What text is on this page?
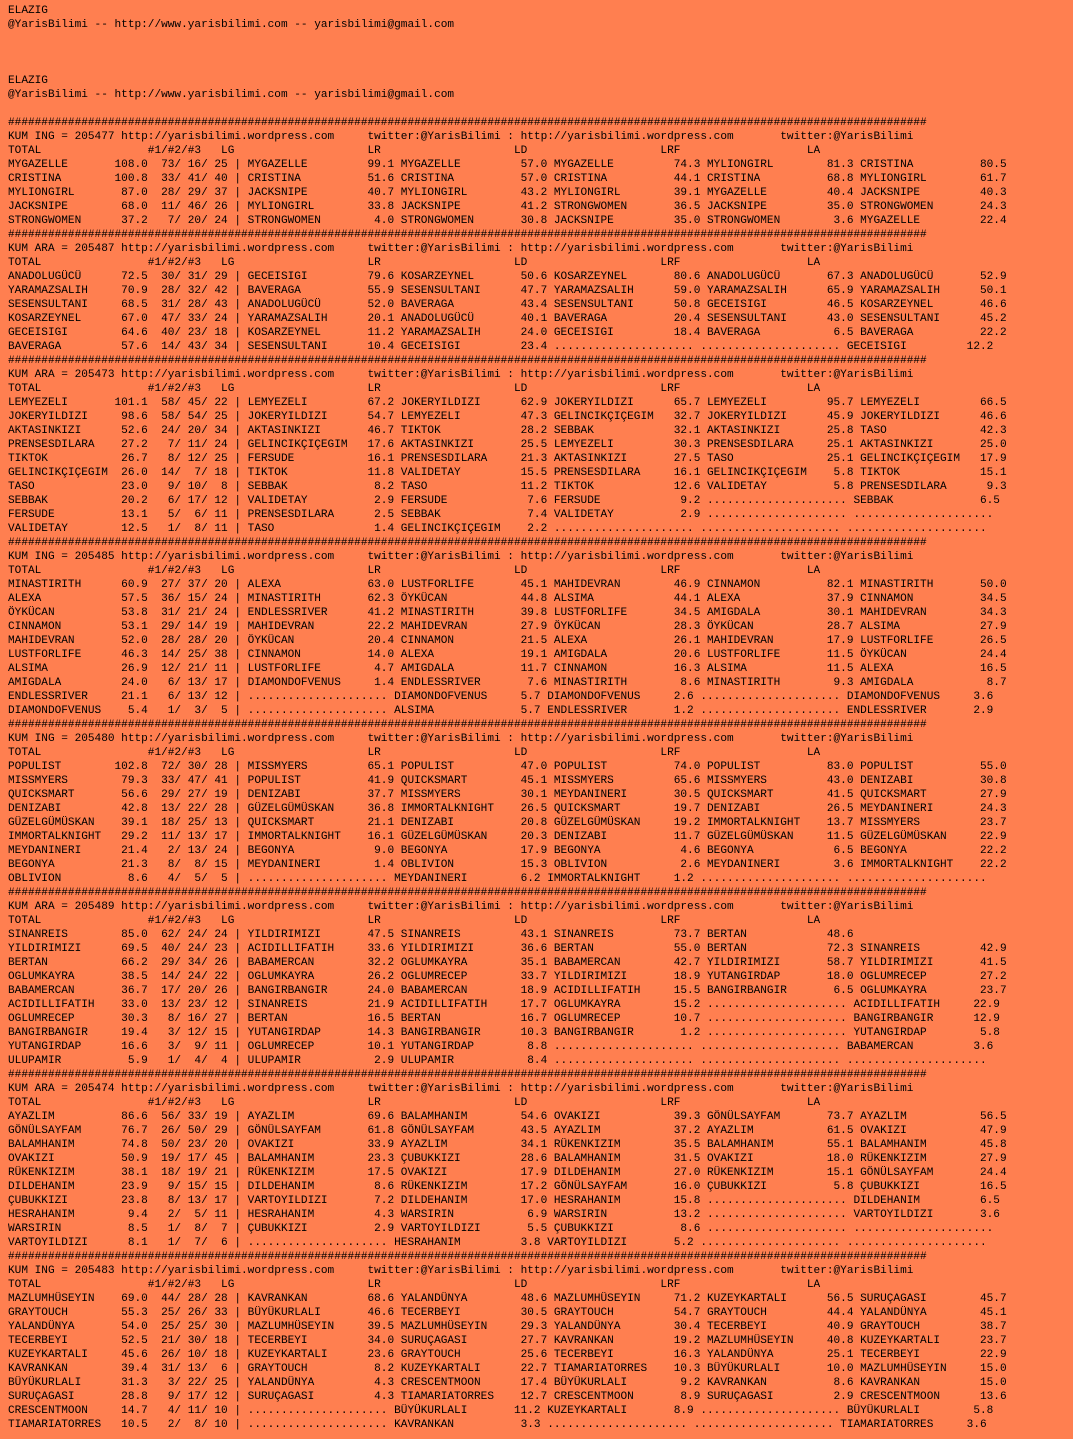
ELAZIG
@YarisBilimi -- http://www.yarisbilimi.com -- yarisbilimi@gmail.com
ELAZIG
@YarisBilimi -- http://www.yarisbilimi.com -- yarisbilimi@gmail.com
##########################################################################################################################################
KUM ING = 205477 http://yarisbilimi.wordpress.com     twitter:@YarisBilimi : http://yarisbilimi.wordpress.com       twitter:@YarisBilimi
TOTAL                #1/#2/#3   LG                    LR                    LD                    LRF                   LA
MYGAZELLE       108.0  73/ 16/ 25 | MYGAZELLE         99.1 MYGAZELLE         57.0 MYGAZELLE         74.3 MYLIONGIRL        81.3 CRISTINA          80.5
CRISTINA        100.8  33/ 41/ 40 | CRISTINA          51.6 CRISTINA          57.0 CRISTINA          44.1 CRISTINA          68.8 MYLIONGIRL        61.7
MYLIONGIRL       87.0  28/ 29/ 37 | JACKSNIPE         40.7 MYLIONGIRL        43.2 MYLIONGIRL        39.1 MYGAZELLE         40.4 JACKSNIPE         40.3
JACKSNIPE        68.0  11/ 46/ 26 | MYLIONGIRL        33.8 JACKSNIPE         41.2 STRONGWOMEN       36.5 JACKSNIPE         35.0 STRONGWOMEN       24.3
STRONGWOMEN      37.2   7/ 20/ 24 | STRONGWOMEN        4.0 STRONGWOMEN       30.8 JACKSNIPE         35.0 STRONGWOMEN        3.6 MYGAZELLE         22.4
##########################################################################################################################################
KUM ARA = 205487 http://yarisbilimi.wordpress.com     twitter:@YarisBilimi : http://yarisbilimi.wordpress.com       twitter:@YarisBilimi
TOTAL                #1/#2/#3   LG                    LR                    LD                    LRF                   LA
ANADOLUGÜCÜ      72.5  30/ 31/ 29 | GECEISIGI         79.6 KOSARZEYNEL       50.6 KOSARZEYNEL       80.6 ANADOLUGÜCÜ       67.3 ANADOLUGÜCÜ       52.9
YARAMAZSALIH     70.9  28/ 32/ 42 | BAVERAGA          55.9 SESENSULTANI      47.7 YARAMAZSALIH      59.0 YARAMAZSALIH      65.9 YARAMAZSALIH      50.1
SESENSULTANI     68.5  31/ 28/ 43 | ANADOLUGÜCÜ       52.0 BAVERAGA          43.4 SESENSULTANI      50.8 GECEISIGI         46.5 KOSARZEYNEL       46.6
KOSARZEYNEL      67.0  47/ 33/ 24 | YARAMAZSALIH      20.1 ANADOLUGÜCÜ       40.1 BAVERAGA          20.4 SESENSULTANI      43.0 SESENSULTANI      45.2
GECEISIGI        64.6  40/ 23/ 18 | KOSARZEYNEL       11.2 YARAMAZSALIH      24.0 GECEISIGI         18.4 BAVERAGA           6.5 BAVERAGA          22.2
BAVERAGA         57.6  14/ 43/ 34 | SESENSULTANI      10.4 GECEISIGI         23.4 ..................... ..................... GECEISIGI         12.2
##########################################################################################################################################
KUM ARA = 205473 http://yarisbilimi.wordpress.com     twitter:@YarisBilimi : http://yarisbilimi.wordpress.com       twitter:@YarisBilimi
TOTAL                #1/#2/#3   LG                    LR                    LD                    LRF                   LA
LEMYEZELI       101.1  58/ 45/ 22 | LEMYEZELI         67.2 JOKERYILDIZI      62.9 JOKERYILDIZI      65.7 LEMYEZELI         95.7 LEMYEZELI         66.5
JOKERYILDIZI     98.6  58/ 54/ 25 | JOKERYILDIZI      54.7 LEMYEZELI         47.3 GELINCIKÇIÇEGIM   32.7 JOKERYILDIZI      45.9 JOKERYILDIZI      46.6
AKTASINKIZI      52.6  24/ 20/ 34 | AKTASINKIZI       46.7 TIKTOK            28.2 SEBBAK            32.1 AKTASINKIZI       25.8 TASO              42.3
PRENSESDILARA    27.2   7/ 11/ 24 | GELINCIKÇIÇEGIM   17.6 AKTASINKIZI       25.5 LEMYEZELI         30.3 PRENSESDILARA     25.1 AKTASINKIZI       25.0
TIKTOK           26.7   8/ 12/ 25 | FERSUDE           16.1 PRENSESDILARA     21.3 AKTASINKIZI       27.5 TASO              25.1 GELINCIKÇIÇEGIM   17.9
GELINCIKÇIÇEGIM  26.0  14/  7/ 18 | TIKTOK            11.8 VALIDETAY         15.5 PRENSESDILARA     16.1 GELINCIKÇIÇEGIM    5.8 TIKTOK            15.1
TASO             23.0   9/ 10/  8 | SEBBAK             8.2 TASO              11.2 TIKTOK            12.6 VALIDETAY          5.8 PRENSESDILARA      9.3
SEBBAK           20.2   6/ 17/ 12 | VALIDETAY          2.9 FERSUDE            7.6 FERSUDE            9.2 ..................... SEBBAK             6.5
FERSUDE          13.1   5/  6/ 11 | PRENSESDILARA      2.5 SEBBAK             7.4 VALIDETAY          2.9 ..................... .....................
VALIDETAY        12.5   1/  8/ 11 | TASO               1.4 GELINCIKÇIÇEGIM    2.2 ..................... ..................... .....................
##########################################################################################################################################
KUM ING = 205485 http://yarisbilimi.wordpress.com     twitter:@YarisBilimi : http://yarisbilimi.wordpress.com       twitter:@YarisBilimi
TOTAL                #1/#2/#3   LG                    LR                    LD                    LRF                   LA
MINASTIRITH      60.9  27/ 37/ 20 | ALEXA             63.0 LUSTFORLIFE       45.1 MAHIDEVRAN        46.9 CINNAMON          82.1 MINASTIRITH       50.0
ALEXA            57.5  36/ 15/ 24 | MINASTIRITH       62.3 ÖYKÜCAN           44.8 ALSIMA            44.1 ALEXA             37.9 CINNAMON          34.5
ÖYKÜCAN          53.8  31/ 21/ 24 | ENDLESSRIVER      41.2 MINASTIRITH       39.8 LUSTFORLIFE       34.5 AMIGDALA          30.1 MAHIDEVRAN        34.3
CINNAMON         53.1  29/ 14/ 19 | MAHIDEVRAN        22.2 MAHIDEVRAN        27.9 ÖYKÜCAN           28.3 ÖYKÜCAN           28.7 ALSIMA            27.9
MAHIDEVRAN       52.0  28/ 28/ 20 | ÖYKÜCAN           20.4 CINNAMON          21.5 ALEXA             26.1 MAHIDEVRAN        17.9 LUSTFORLIFE       26.5
LUSTFORLIFE      46.3  14/ 25/ 38 | CINNAMON          14.0 ALEXA             19.1 AMIGDALA          20.6 LUSTFORLIFE       11.5 ÖYKÜCAN           24.4
ALSIMA           26.9  12/ 21/ 11 | LUSTFORLIFE        4.7 AMIGDALA          11.7 CINNAMON          16.3 ALSIMA            11.5 ALEXA             16.5
AMIGDALA         24.0   6/ 13/ 17 | DIAMONDOFVENUS     1.4 ENDLESSRIVER       7.6 MINASTIRITH        8.6 MINASTIRITH        9.3 AMIGDALA           8.7
ENDLESSRIVER     21.1   6/ 13/ 12 | ..................... DIAMONDOFVENUS     5.7 DIAMONDOFVENUS     2.6 ..................... DIAMONDOFVENUS     3.6
DIAMONDOFVENUS    5.4   1/  3/  5 | ..................... ALSIMA             5.7 ENDLESSRIVER       1.2 ..................... ENDLESSRIVER       2.9
##########################################################################################################################################
KUM ING = 205480 http://yarisbilimi.wordpress.com     twitter:@YarisBilimi : http://yarisbilimi.wordpress.com       twitter:@YarisBilimi
TOTAL                #1/#2/#3   LG                    LR                    LD                    LRF                   LA
POPULIST        102.8  72/ 30/ 28 | MISSMYERS         65.1 POPULIST          47.0 POPULIST          74.0 POPULIST          83.0 POPULIST          55.0
MISSMYERS        79.3  33/ 47/ 41 | POPULIST          41.9 QUICKSMART        45.1 MISSMYERS         65.6 MISSMYERS         43.0 DENIZABI          30.8
QUICKSMART       56.6  29/ 27/ 19 | DENIZABI          37.7 MISSMYERS         30.1 MEYDANINERI       30.5 QUICKSMART        41.5 QUICKSMART        27.9
DENIZABI         42.8  13/ 22/ 28 | GÜZELGÜMÜSKAN     36.8 IMMORTALKNIGHT    26.5 QUICKSMART        19.7 DENIZABI          26.5 MEYDANINERI       24.3
GÜZELGÜMÜSKAN    39.1  18/ 25/ 13 | QUICKSMART        21.1 DENIZABI          20.8 GÜZELGÜMÜSKAN     19.2 IMMORTALKNIGHT    13.7 MISSMYERS         23.7
IMMORTALKNIGHT   29.2  11/ 13/ 17 | IMMORTALKNIGHT    16.1 GÜZELGÜMÜSKAN     20.3 DENIZABI          11.7 GÜZELGÜMÜSKAN     11.5 GÜZELGÜMÜSKAN     22.9
MEYDANINERI      21.4   2/ 13/ 24 | BEGONYA            9.0 BEGONYA           17.9 BEGONYA            4.6 BEGONYA            6.5 BEGONYA           22.2
BEGONYA          21.3   8/  8/ 15 | MEYDANINERI        1.4 OBLIVION          15.3 OBLIVION           2.6 MEYDANINERI        3.6 IMMORTALKNIGHT    22.2
OBLIVION          8.6   4/  5/  5 | ..................... MEYDANINERI        6.2 IMMORTALKNIGHT     1.2 ..................... .....................
##########################################################################################################################################
KUM ARA = 205489 http://yarisbilimi.wordpress.com     twitter:@YarisBilimi : http://yarisbilimi.wordpress.com       twitter:@YarisBilimi
TOTAL                #1/#2/#3   LG                    LR                    LD                    LRF                   LA
SINANREIS        85.0  62/ 24/ 24 | YILDIRIMIZI       47.5 SINANREIS         43.1 SINANREIS         73.7 BERTAN            48.6
YILDIRIMIZI      69.5  40/ 24/ 23 | ACIDILLIFATIH     33.6 YILDIRIMIZI       36.6 BERTAN            55.0 BERTAN            72.3 SINANREIS         42.9
BERTAN           66.2  29/ 34/ 26 | BABAMERCAN        32.2 OGLUMKAYRA        35.1 BABAMERCAN        42.7 YILDIRIMIZI       58.7 YILDIRIMIZI       41.5
OGLUMKAYRA       38.5  14/ 24/ 22 | OGLUMKAYRA        26.2 OGLUMRECEP        33.7 YILDIRIMIZI       18.9 YUTANGIRDAP       18.0 OGLUMRECEP        27.2
BABAMERCAN       36.7  17/ 20/ 26 | BANGIRBANGIR      24.0 BABAMERCAN        18.9 ACIDILLIFATIH     15.5 BANGIRBANGIR       6.5 OGLUMKAYRA        23.7
ACIDILLIFATIH    33.0  13/ 23/ 12 | SINANREIS         21.9 ACIDILLIFATIH     17.7 OGLUMKAYRA        15.2 ..................... ACIDILLIFATIH     22.9
OGLUMRECEP       30.3   8/ 16/ 27 | BERTAN            16.5 BERTAN            16.7 OGLUMRECEP        10.7 ..................... BANGIRBANGIR      12.9
BANGIRBANGIR     19.4   3/ 12/ 15 | YUTANGIRDAP       14.3 BANGIRBANGIR      10.3 BANGIRBANGIR       1.2 ..................... YUTANGIRDAP        5.8
YUTANGIRDAP      16.6   3/  9/ 11 | OGLUMRECEP        10.1 YUTANGIRDAP        8.8 ..................... ..................... BABAMERCAN         3.6
ULUPAMIR          5.9   1/  4/  4 | ULUPAMIR           2.9 ULUPAMIR           8.4 ..................... ..................... .....................
##########################################################################################################################################
KUM ARA = 205474 http://yarisbilimi.wordpress.com     twitter:@YarisBilimi : http://yarisbilimi.wordpress.com       twitter:@YarisBilimi
TOTAL                #1/#2/#3   LG                    LR                    LD                    LRF                   LA
AYAZLIM          86.6  56/ 33/ 19 | AYAZLIM           69.6 BALAMHANIM        54.6 OVAKIZI           39.3 GÖNÜLSAYFAM       73.7 AYAZLIM           56.5
GÖNÜLSAYFAM      76.7  26/ 50/ 29 | GÖNÜLSAYFAM       61.8 GÖNÜLSAYFAM       43.5 AYAZLIM           37.2 AYAZLIM           61.5 OVAKIZI           47.9
BALAMHANIM       74.8  50/ 23/ 20 | OVAKIZI           33.9 AYAZLIM           34.1 RÜKENKIZIM        35.5 BALAMHANIM        55.1 BALAMHANIM        45.8
OVAKIZI          50.9  19/ 17/ 45 | BALAMHANIM        23.3 ÇUBUKKIZI         28.6 BALAMHANIM        31.5 OVAKIZI           18.0 RÜKENKIZIM        27.9
RÜKENKIZIM       38.1  18/ 19/ 21 | RÜKENKIZIM        17.5 OVAKIZI           17.9 DILDEHANIM        27.0 RÜKENKIZIM        15.1 GÖNÜLSAYFAM       24.4
DILDEHANIM       23.9   9/ 15/ 15 | DILDEHANIM         8.6 RÜKENKIZIM        17.2 GÖNÜLSAYFAM       16.0 ÇUBUKKIZI          5.8 ÇUBUKKIZI         16.5
ÇUBUKKIZI        23.8   8/ 13/ 17 | VARTOYILDIZI       7.2 DILDEHANIM        17.0 HESRAHANIM        15.8 ..................... DILDEHANIM         6.5
HESRAHANIM        9.4   2/  5/ 11 | HESRAHANIM         4.3 WARSIRIN           6.9 WARSIRIN          13.2 ..................... VARTOYILDIZI       3.6
WARSIRIN          8.5   1/  8/  7 | ÇUBUKKIZI          2.9 VARTOYILDIZI       5.5 ÇUBUKKIZI          8.6 ..................... .....................
VARTOYILDIZI      8.1   1/  7/  6 | ..................... HESRAHANIM         3.8 VARTOYILDIZI       5.2 ..................... .....................
##########################################################################################################################################
KUM ING = 205483 http://yarisbilimi.wordpress.com     twitter:@YarisBilimi : http://yarisbilimi.wordpress.com       twitter:@YarisBilimi
TOTAL                #1/#2/#3   LG                    LR                    LD                    LRF                   LA
MAZLUMHÜSEYIN    69.0  44/ 28/ 28 | KAVRANKAN         68.6 YALANDÜNYA        48.6 MAZLUMHÜSEYIN     71.2 KUZEYKARTALI      56.5 SURUÇAGASI        45.7
GRAYTOUCH        55.3  25/ 26/ 33 | BÜYÜKURLALI       46.6 TECERBEYI         30.5 GRAYTOUCH         54.7 GRAYTOUCH         44.4 YALANDÜNYA        45.1
YALANDÜNYA       54.0  25/ 25/ 30 | MAZLUMHÜSEYIN     39.5 MAZLUMHÜSEYIN     29.3 YALANDÜNYA        30.4 TECERBEYI         40.9 GRAYTOUCH         38.7
TECERBEYI        52.5  21/ 30/ 18 | TECERBEYI         34.0 SURUÇAGASI        27.7 KAVRANKAN         19.2 MAZLUMHÜSEYIN     40.8 KUZEYKARTALI      23.7
KUZEYKARTALI     45.6  26/ 10/ 18 | KUZEYKARTALI      23.6 GRAYTOUCH         25.6 TECERBEYI         16.3 YALANDÜNYA        25.1 TECERBEYI         22.9
KAVRANKAN        39.4  31/ 13/  6 | GRAYTOUCH          8.2 KUZEYKARTALI      22.7 TIAMARIATORRES    10.3 BÜYÜKURLALI       10.0 MAZLUMHÜSEYIN     15.0
BÜYÜKURLALI      31.3   3/ 22/ 25 | YALANDÜNYA         4.3 CRESCENTMOON      17.4 BÜYÜKURLALI        9.2 KAVRANKAN          8.6 KAVRANKAN         15.0
SURUÇAGASI       28.8   9/ 17/ 12 | SURUÇAGASI         4.3 TIAMARIATORRES    12.7 CRESCENTMOON       8.9 SURUÇAGASI         2.9 CRESCENTMOON      13.6
CRESCENTMOON     14.7   4/ 11/ 10 | ..................... BÜYÜKURLALI       11.2 KUZEYKARTALI       8.9 ..................... BÜYÜKURLALI        5.8
TIAMARIATORRES   10.5   2/  8/ 10 | ..................... KAVRANKAN          3.3 ..................... ..................... TIAMARIATORRES     3.6
